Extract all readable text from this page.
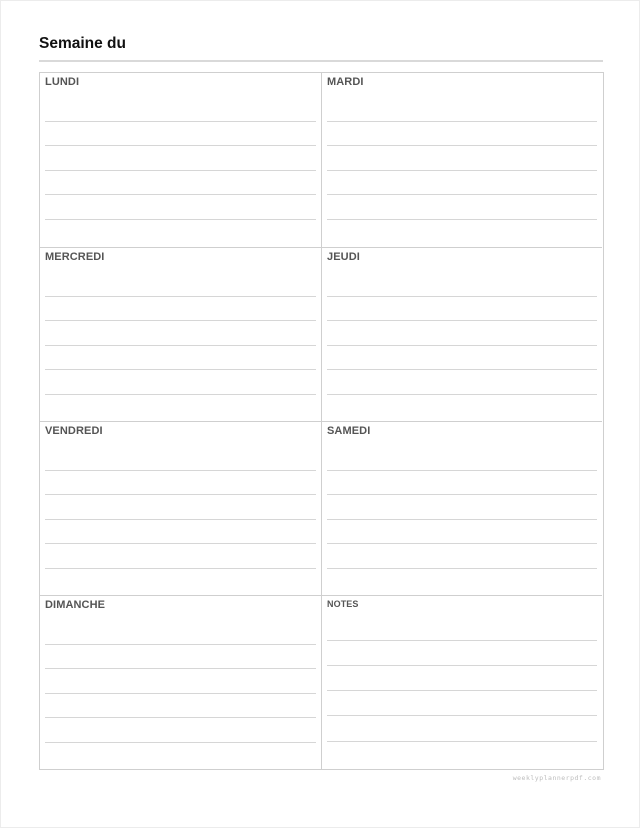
Semaine du
LUNDI	MARDI
MERCREDI	JEUDI
VENDREDI	SAMEDI
DIMANCHE	NOTES
weeklyplannerpdf.com
